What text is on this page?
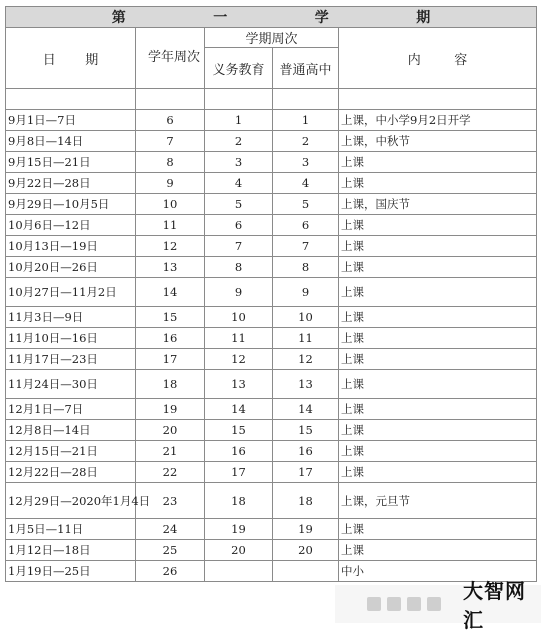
第 一 学 期				

日 期	学年周次	学期周次		内 容

		义务教育	普通高中	

9月1日—7日	6	1	1	上课，中小学9月2日开学
9月8日—14日	7	2	2	上课，中秋节
9月15日—21日	8	3	3	上课
9月22日—28日	9	4	4	上课
9月29日—10月5日	10	5	5	上课，国庆节
10月6日—12日	11	6	6	上课
10月13日—19日	12	7	7	上课
10月20日—26日	13	8	8	上课
10月27日—11月2日	14	9	9	上课
11月3日—9日	15	10	10	上课
11月10日—16日	16	11	11	上课
11月17日—23日	17	12	12	上课
11月24日—30日	18	13	13	上课
12月1日—7日	19	14	14	上课
12月8日—14日	20	15	15	上课
12月15日—21日	21	16	16	上课
12月22日—28日	22	17	17	上课
12月29日—2020年1月4日	23	18	18	上课，元旦节
1月5日—11日	24	19	19	上课
1月12日—18日	25	20	20	上课
1月19日—25日	26			中小
大智网汇
